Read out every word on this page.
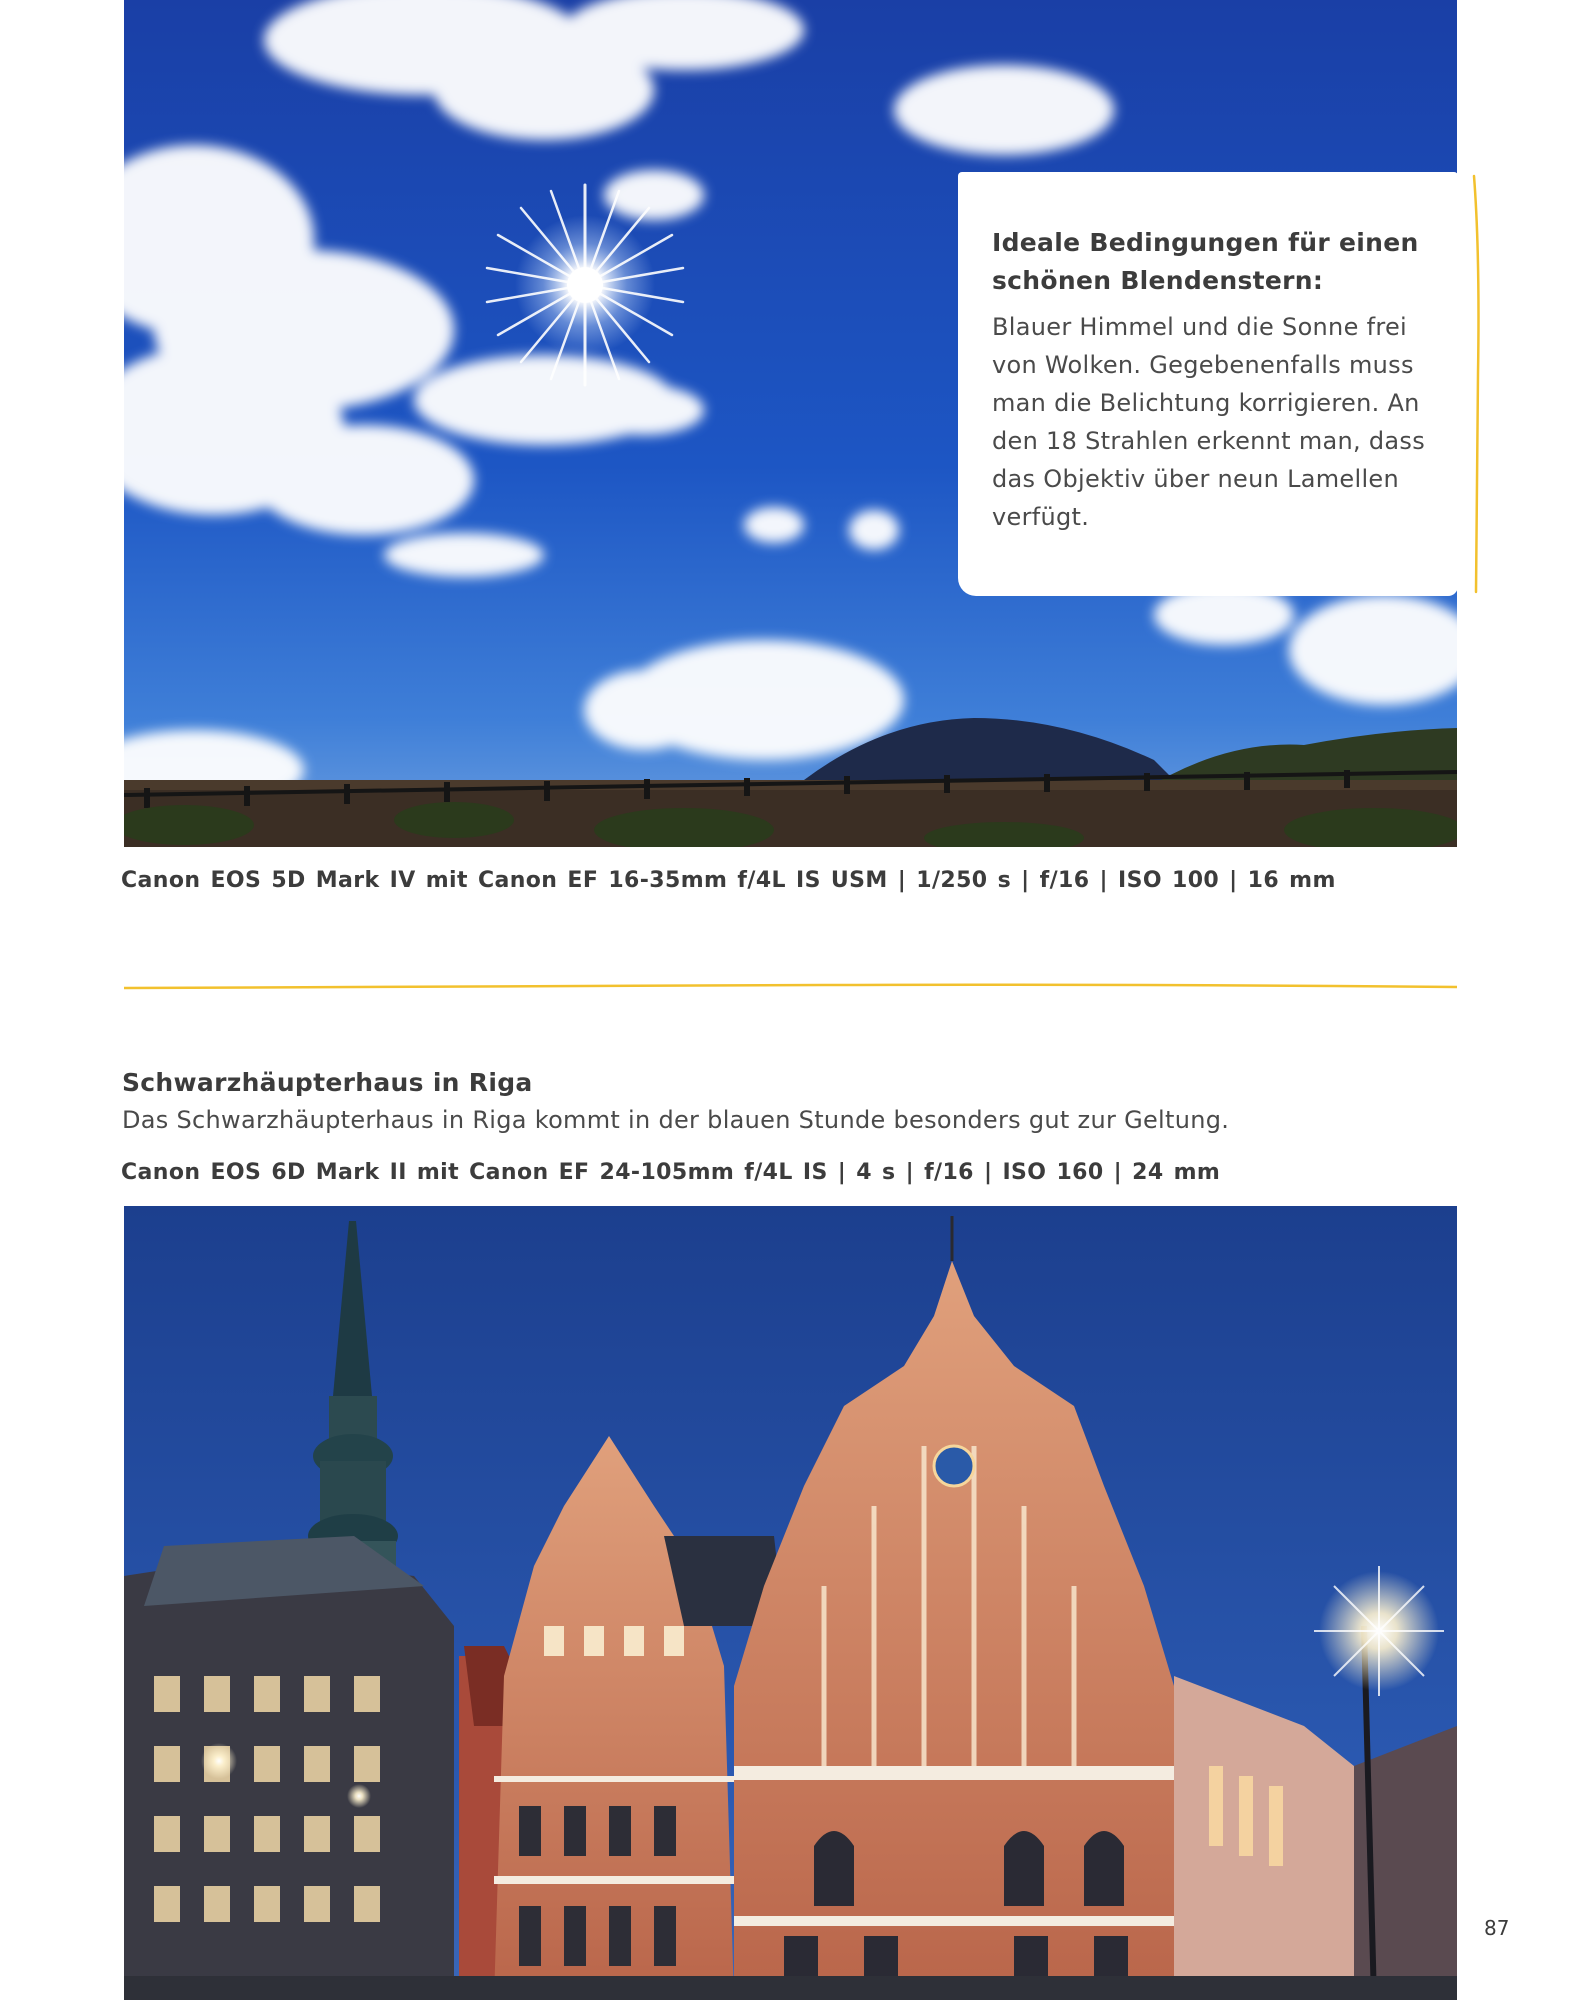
Ideale Bedingungen für einen schönen Blendenstern:

Blauer Himmel und die Sonne frei von Wolken. Gegebenenfalls muss man die Belichtung korrigieren. An den 18 Strahlen erkennt man, dass das Objektiv über neun Lamellen verfügt.

Canon EOS 5D Mark IV mit Canon EF 16-35mm f/4L IS USM | 1/250 s | f/16 | ISO 100 | 16 mm
Schwarzhäupterhaus in Riga
Das Schwarzhäupterhaus in Riga kommt in der blauen Stunde besonders gut zur Geltung.
Canon EOS 6D Mark II mit Canon EF 24-105mm f/4L IS | 4 s | f/16 | ISO 160 | 24 mm
87
